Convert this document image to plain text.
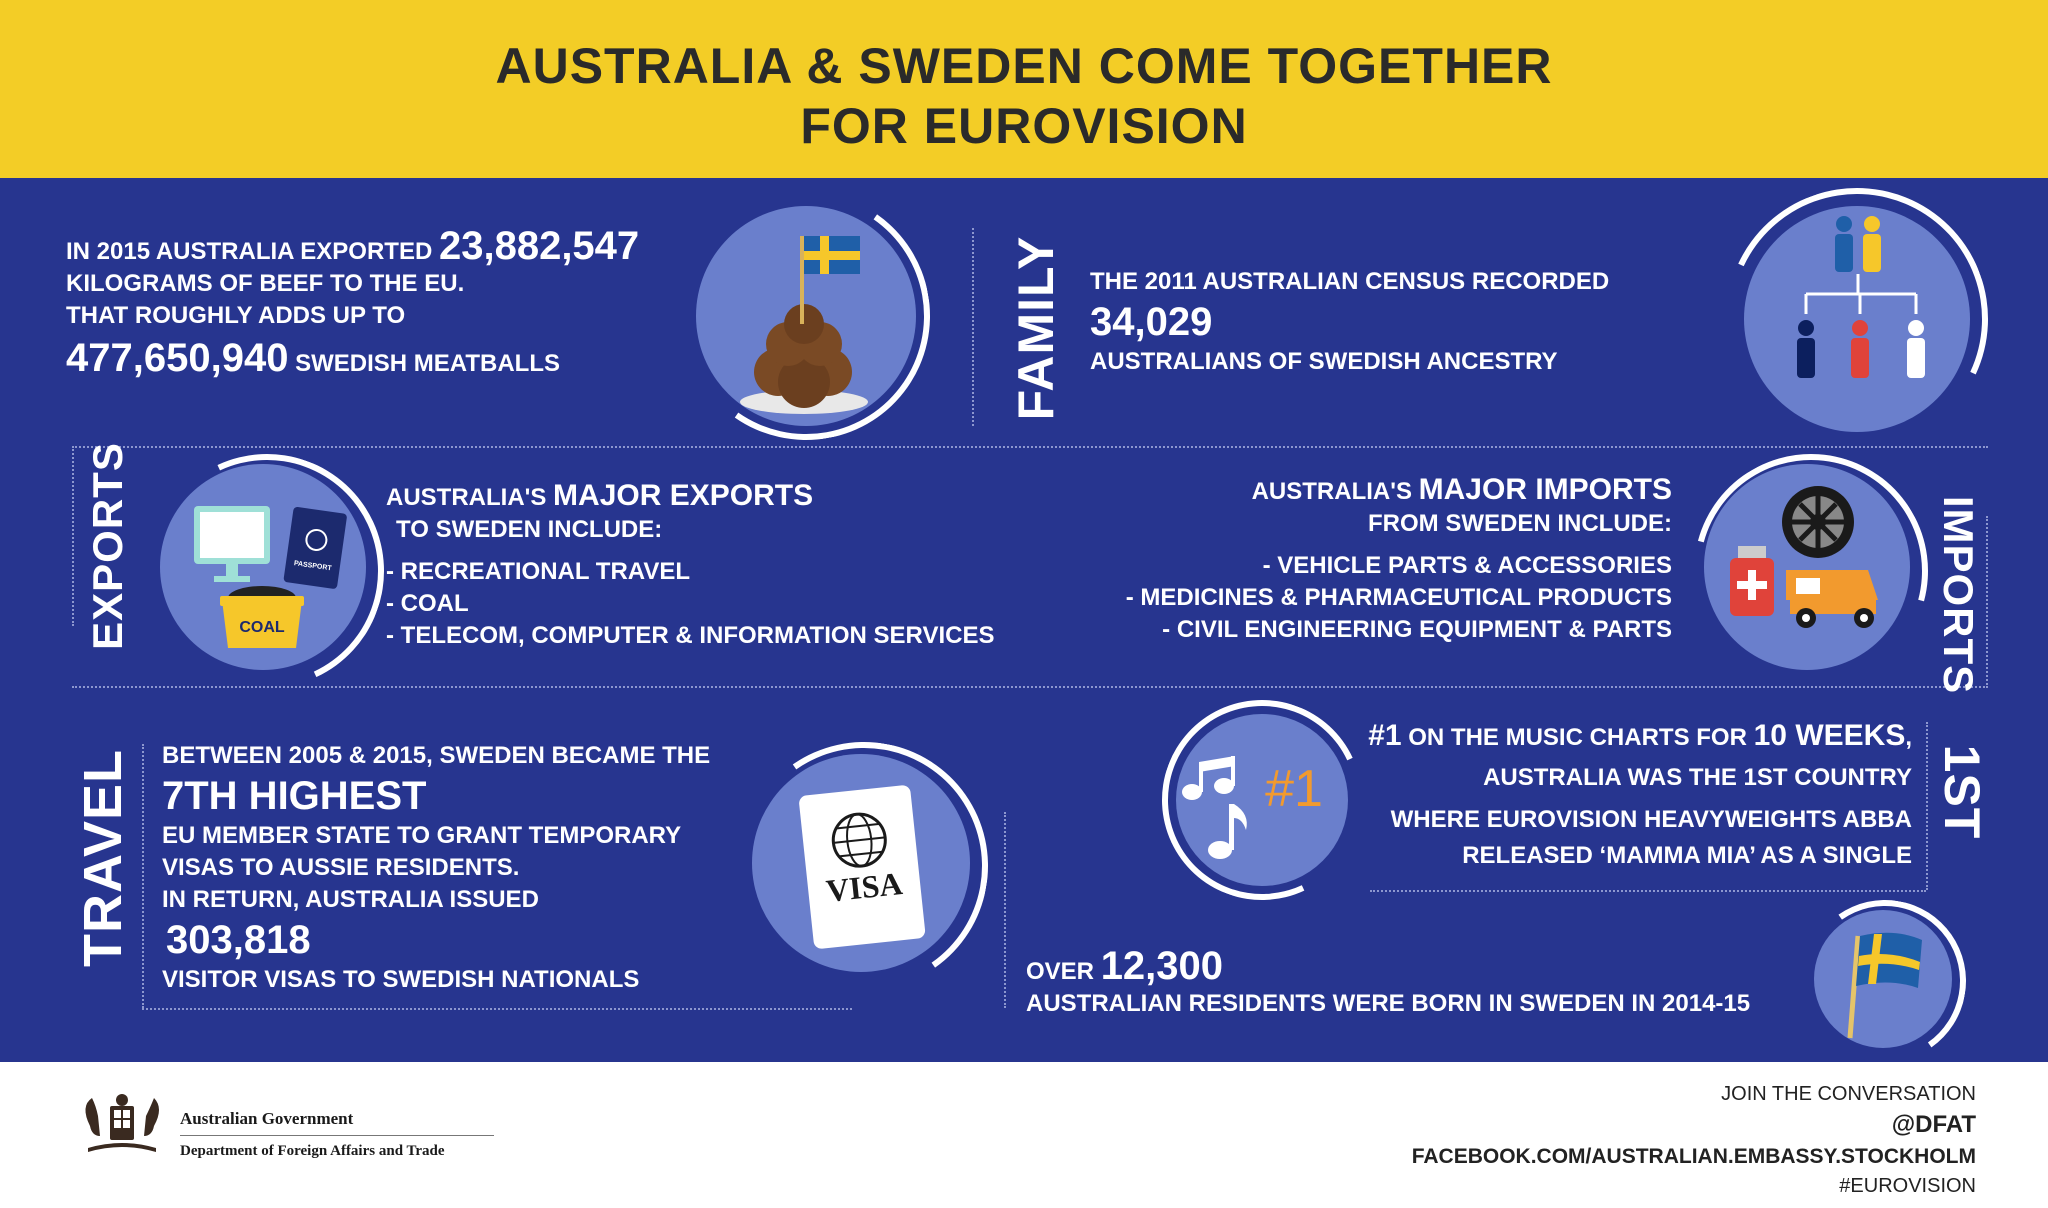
AUSTRALIA & SWEDEN COME TOGETHER
FOR EUROVISION
IN 2015 AUSTRALIA EXPORTED 23,882,547
KILOGRAMS OF BEEF TO THE EU.
THAT ROUGHLY ADDS UP TO
477,650,940 SWEDISH MEATBALLS	FAMILY THE 2011 AUSTRALIAN CENSUS RECORDED
34,029
AUSTRALIANS OF SWEDISH ANCESTRY
EXPORTS	PASSPORT
COAL
AUSTRALIA'S MAJOR EXPORTS
TO SWEDEN INCLUDE:
- RECREATIONAL TRAVEL
- COAL
- TELECOM, COMPUTER & INFORMATION SERVICES
AUSTRALIA'S MAJOR IMPORTS
FROM SWEDEN INCLUDE:
- VEHICLE PARTS & ACCESSORIES
- MEDICINES & PHARMACEUTICAL PRODUCTS
- CIVIL ENGINEERING EQUIPMENT & PARTS	IMPORTS
TRAVEL BETWEEN 2005 & 2015, SWEDEN BECAME THE
7TH HIGHEST
EU MEMBER STATE TO GRANT TEMPORARY
VISAS TO AUSSIE RESIDENTS.
IN RETURN, AUSTRALIA ISSUED
303,818
VISITOR VISAS TO SWEDISH NATIONALS
VISA
#1
#1 ON THE MUSIC CHARTS FOR 10 WEEKS,
AUSTRALIA WAS THE 1ST COUNTRY
WHERE EUROVISION HEAVYWEIGHTS ABBA
RELEASED ‘MAMMA MIA’ AS A SINGLE
1ST
OVER 12,300
AUSTRALIAN RESIDENTS WERE BORN IN SWEDEN IN 2014-15
Australian Government
Department of Foreign Affairs and Trade
JOIN THE CONVERSATION
@DFAT
FACEBOOK.COM/AUSTRALIAN.EMBASSY.STOCKHOLM
#EUROVISION
